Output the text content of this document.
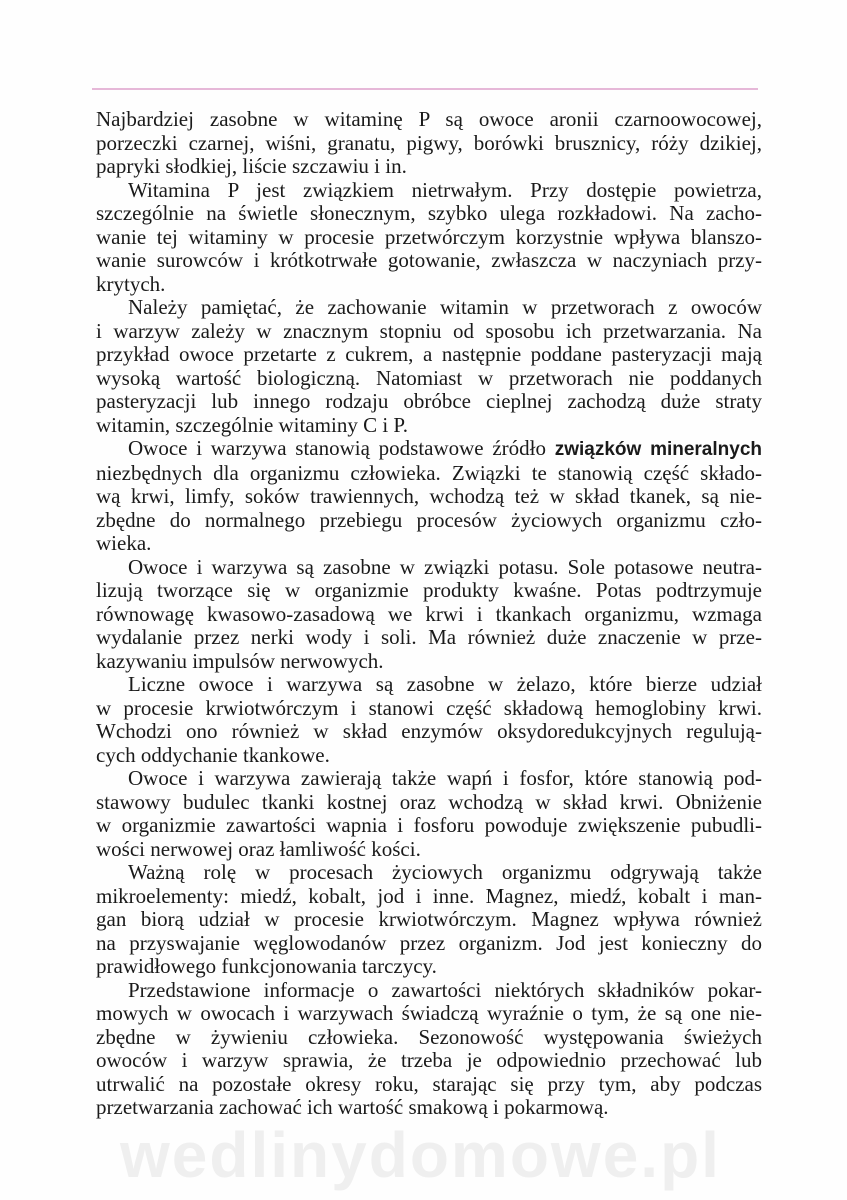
Najbardziej zasobne w witaminę P są owoce aronii czarnoowocowej,
porzeczki czarnej, wiśni, granatu, pigwy, borówki brusznicy, róży dzikiej,
papryki słodkiej, liście szczawiu i in.

Witamina P jest związkiem nietrwałym. Przy dostępie powietrza,
szczególnie na świetle słonecznym, szybko ulega rozkładowi. Na zacho-
wanie tej witaminy w procesie przetwórczym korzystnie wpływa blanszo-
wanie surowców i krótkotrwałe gotowanie, zwłaszcza w naczyniach przy-
krytych.

Należy pamiętać, że zachowanie witamin w przetworach z owoców
i warzyw zależy w znacznym stopniu od sposobu ich przetwarzania. Na
przykład owoce przetarte z cukrem, a następnie poddane pasteryzacji mają
wysoką wartość biologiczną. Natomiast w przetworach nie poddanych
pasteryzacji lub innego rodzaju obróbce cieplnej zachodzą duże straty
witamin, szczególnie witaminy C i P.

Owoce i warzywa stanowią podstawowe źródło związków mineralnych
niezbędnych dla organizmu człowieka. Związki te stanowią część składo-
wą krwi, limfy, soków trawiennych, wchodzą też w skład tkanek, są nie-
zbędne do normalnego przebiegu procesów życiowych organizmu czło-
wieka.

Owoce i warzywa są zasobne w związki potasu. Sole potasowe neutra-
lizują tworzące się w organizmie produkty kwaśne. Potas podtrzymuje
równowagę kwasowo-zasadową we krwi i tkankach organizmu, wzmaga
wydalanie przez nerki wody i soli. Ma również duże znaczenie w prze-
kazywaniu impulsów nerwowych.

Liczne owoce i warzywa są zasobne w żelazo, które bierze udział
w procesie krwiotwórczym i stanowi część składową hemoglobiny krwi.
Wchodzi ono również w skład enzymów oksydoredukcyjnych regulują-
cych oddychanie tkankowe.

Owoce i warzywa zawierają także wapń i fosfor, które stanowią pod-
stawowy budulec tkanki kostnej oraz wchodzą w skład krwi. Obniżenie
w organizmie zawartości wapnia i fosforu powoduje zwiększenie pubudli-
wości nerwowej oraz łamliwość kości.

Ważną rolę w procesach życiowych organizmu odgrywają także
mikroelementy: miedź, kobalt, jod i inne. Magnez, miedź, kobalt i man-
gan biorą udział w procesie krwiotwórczym. Magnez wpływa również
na przyswajanie węglowodanów przez organizm. Jod jest konieczny do
prawidłowego funkcjonowania tarczycy.

Przedstawione informacje o zawartości niektórych składników pokar-
mowych w owocach i warzywach świadczą wyraźnie o tym, że są one nie-
zbędne w żywieniu człowieka. Sezonowość występowania świeżych
owoców i warzyw sprawia, że trzeba je odpowiednio przechować lub
utrwalić na pozostałe okresy roku, starając się przy tym, aby podczas
przetwarzania zachować ich wartość smakową i pokarmową.

wedlinydomowe.pl
